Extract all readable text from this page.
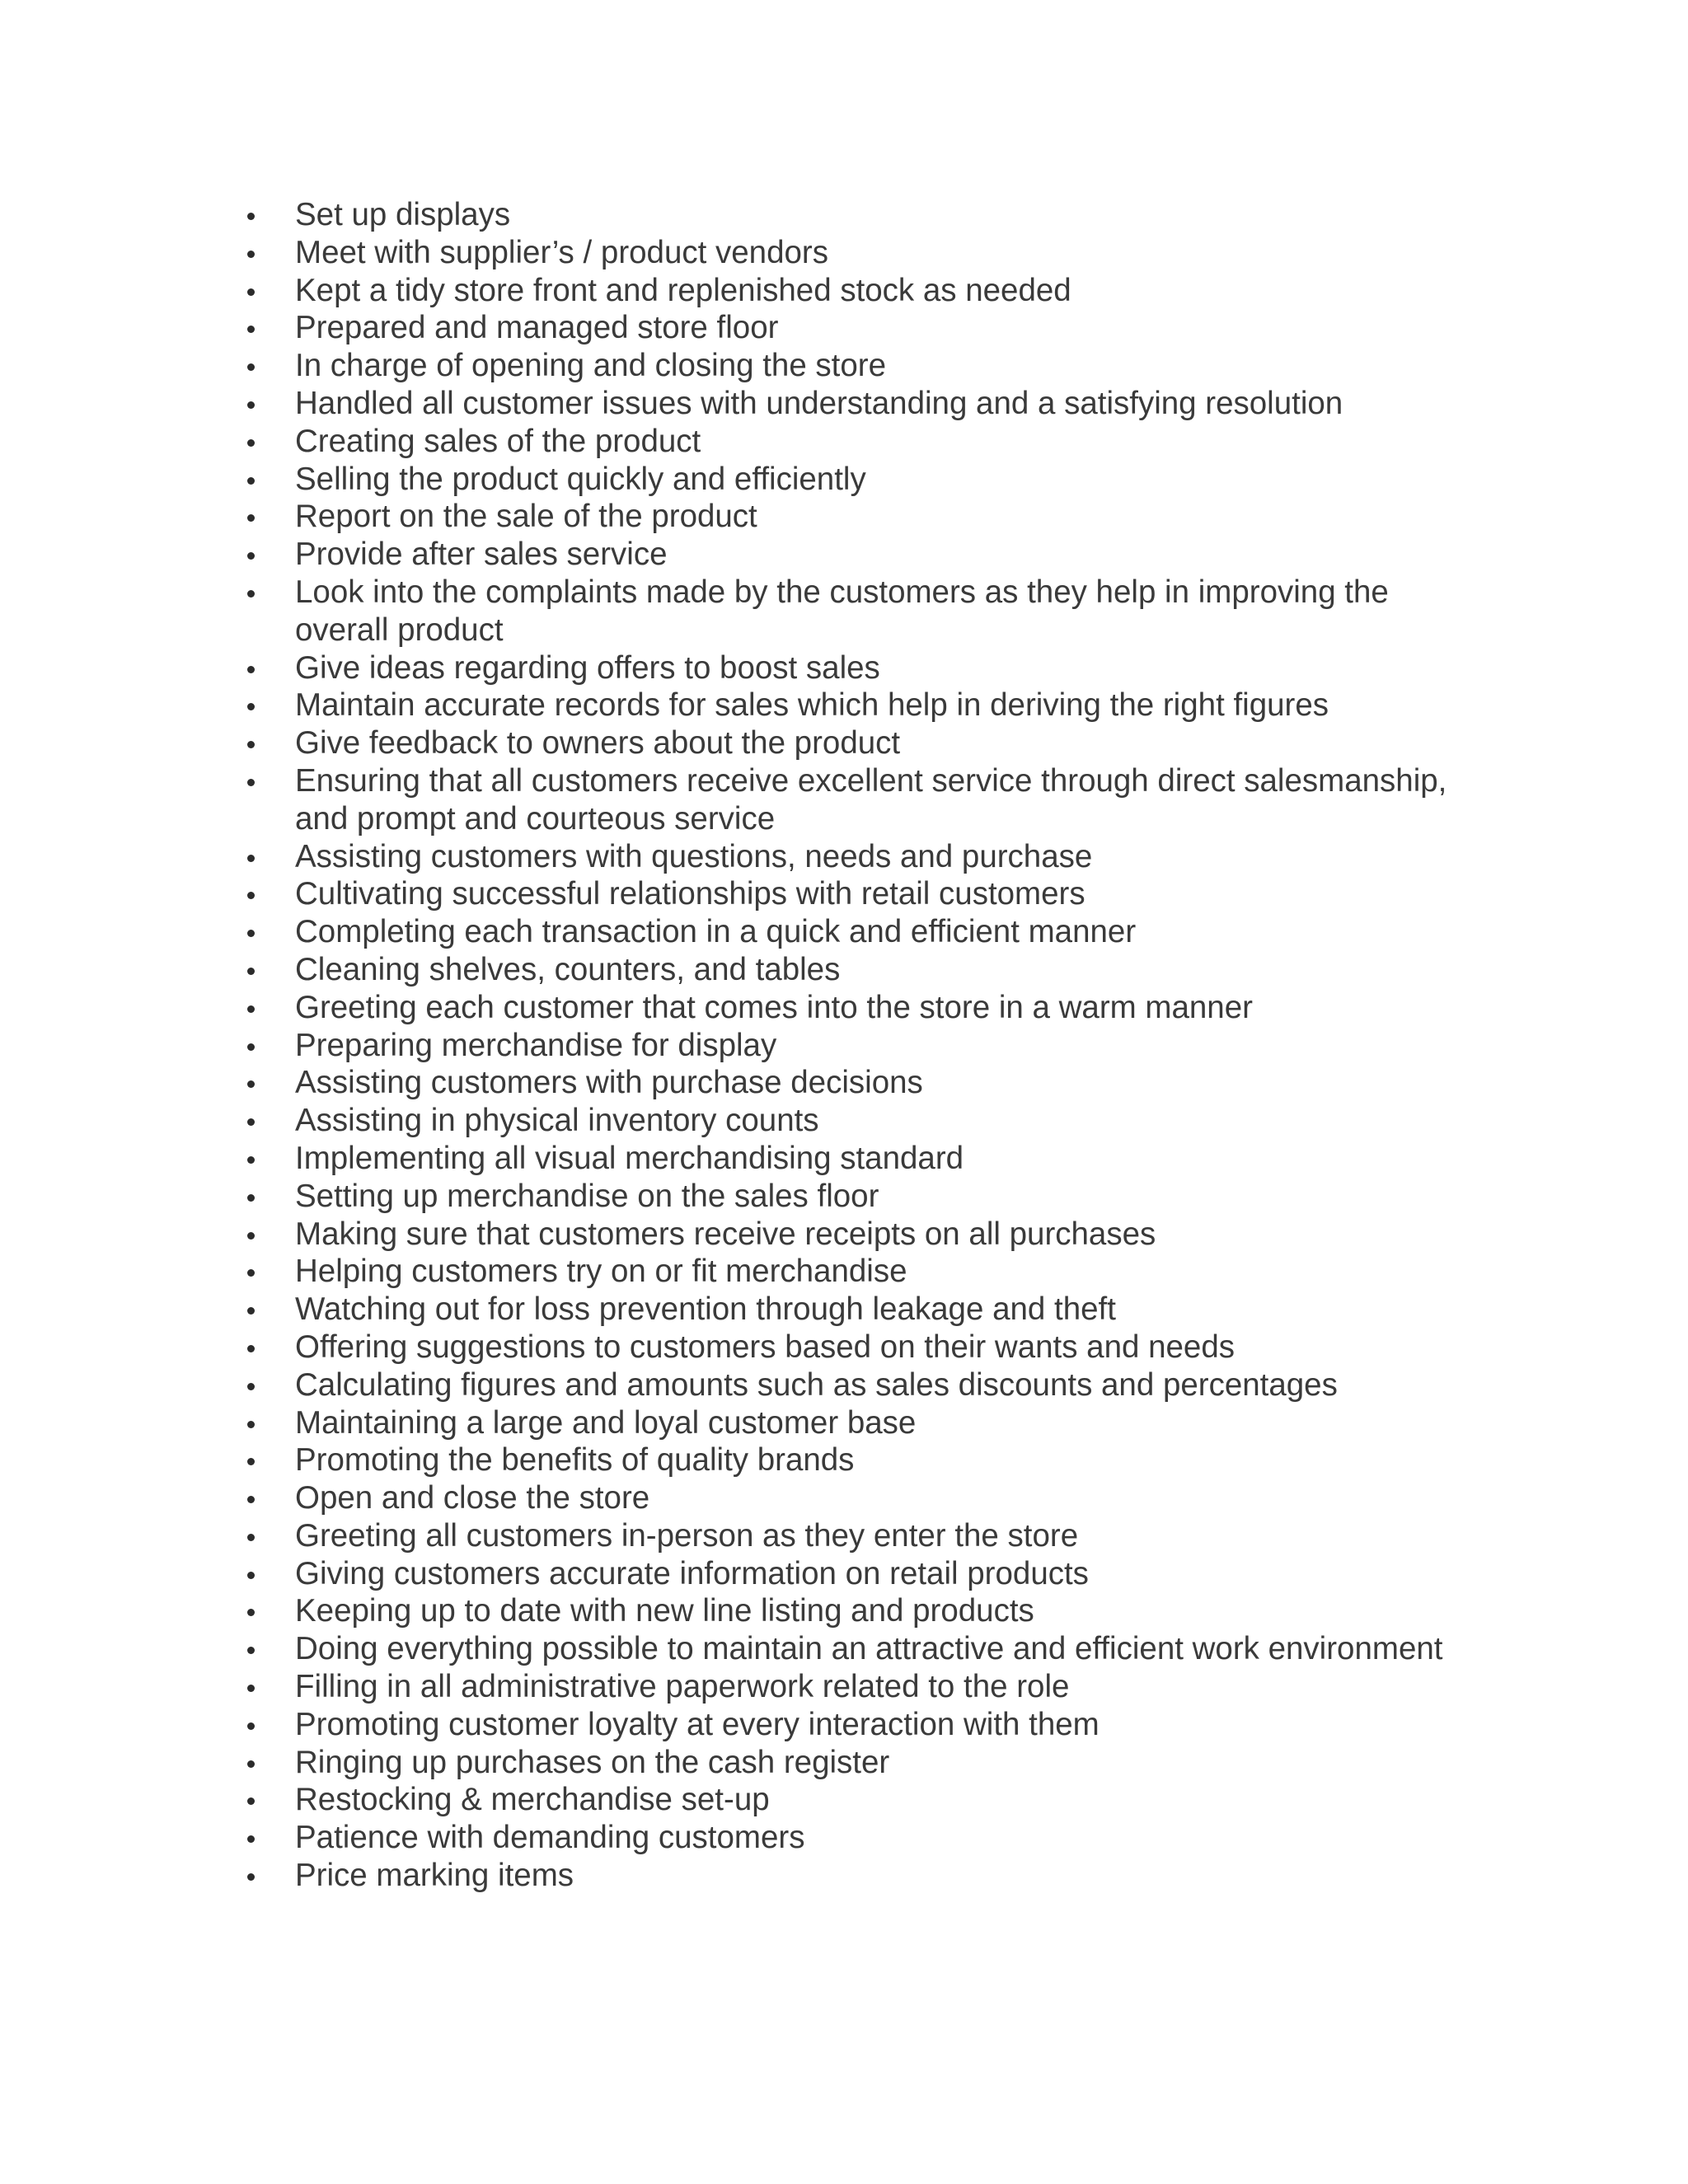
Set up displays
Meet with supplier’s / product vendors
Kept a tidy store front and replenished stock as needed
Prepared and managed store floor
In charge of opening and closing the store
Handled all customer issues with understanding and a satisfying resolution
Creating sales of the product
Selling the product quickly and efficiently
Report on the sale of the product
Provide after sales service
Look into the complaints made by the customers as they help in improving the overall product
Give ideas regarding offers to boost sales
Maintain accurate records for sales which help in deriving the right figures
Give feedback to owners about the product
Ensuring that all customers receive excellent service through direct salesmanship, and prompt and courteous service
Assisting customers with questions, needs and purchase
Cultivating successful relationships with retail customers
Completing each transaction in a quick and efficient manner
Cleaning shelves, counters, and tables
Greeting each customer that comes into the store in a warm manner
Preparing merchandise for display
Assisting customers with purchase decisions
Assisting in physical inventory counts
Implementing all visual merchandising standard
Setting up merchandise on the sales floor
Making sure that customers receive receipts on all purchases
Helping customers try on or fit merchandise
Watching out for loss prevention through leakage and theft
Offering suggestions to customers based on their wants and needs
Calculating figures and amounts such as sales discounts and percentages
Maintaining a large and loyal customer base
Promoting the benefits of quality brands
Open and close the store
Greeting all customers in-person as they enter the store
Giving customers accurate information on retail products
Keeping up to date with new line listing and products
Doing everything possible to maintain an attractive and efficient work environment
Filling in all administrative paperwork related to the role
Promoting customer loyalty at every interaction with them
Ringing up purchases on the cash register
Restocking & merchandise set-up
Patience with demanding customers
Price marking items
